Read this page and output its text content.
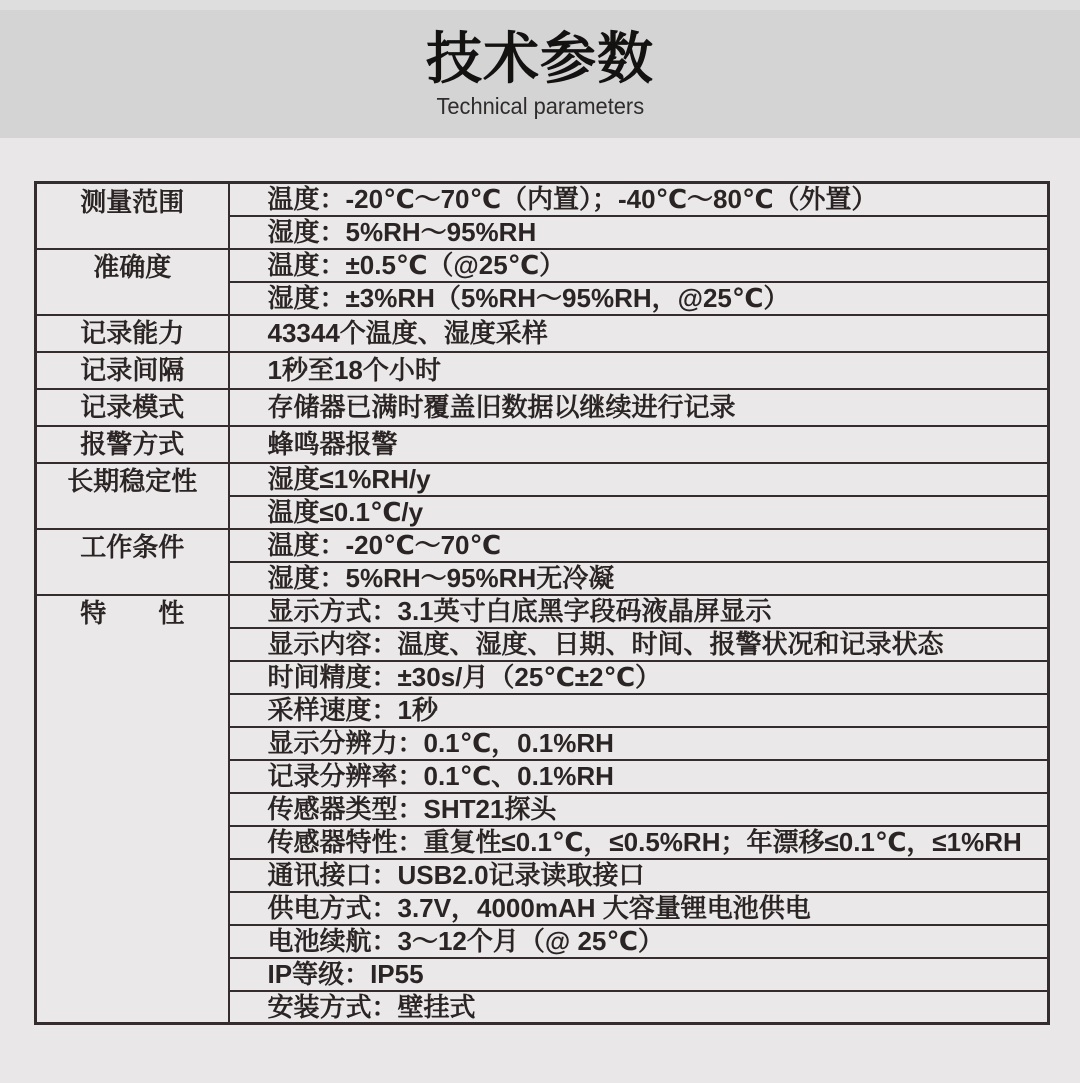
技术参数
Technical parameters
测量范围	温度：-20℃～70℃（内置）；-40℃～80℃（外置）
	湿度：5%RH～95%RH

准确度	温度：±0.5℃（@25℃）
	湿度：±3%RH（5%RH～95%RH，@25℃）

记录能力	43344个温度、湿度采样

记录间隔	1秒至18个小时

记录模式	存储器已满时覆盖旧数据以继续进行记录

报警方式	蜂鸣器报警

长期稳定性	湿度≤1%RH/y
	温度≤0.1℃/y

工作条件	温度：-20℃～70℃
	湿度：5%RH～95%RH无冷凝

特　　性	显示方式：3.1英寸白底黑字段码液晶屏显示
	显示内容：温度、湿度、日期、时间、报警状况和记录状态
	时间精度：±30s/月（25℃±2℃）
	采样速度：1秒
	显示分辨力：0.1℃，0.1%RH
	记录分辨率：0.1℃、0.1%RH
	传感器类型：SHT21探头
	传感器特性：重复性≤0.1℃，≤0.5%RH；年漂移≤0.1℃，≤1%RH
	通讯接口：USB2.0记录读取接口
	供电方式：3.7V，4000mAH 大容量锂电池供电
	电池续航：3～12个月（@ 25℃）
	IP等级：IP55
	安装方式：壁挂式
